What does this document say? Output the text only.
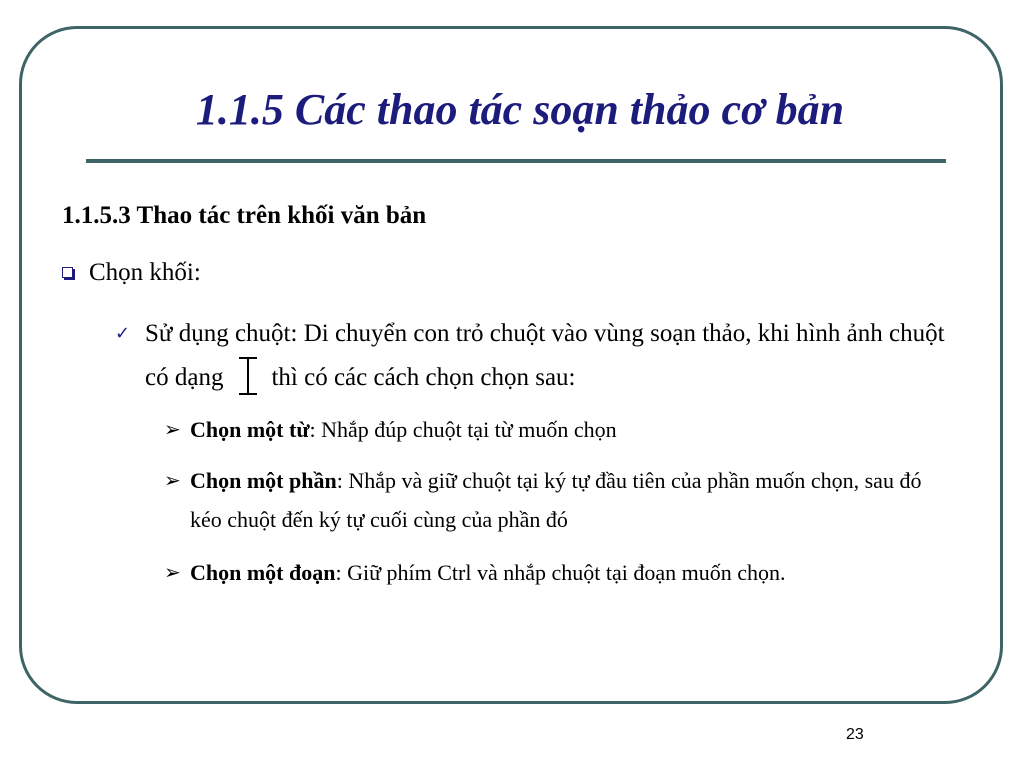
1.1.5 Các thao tác soạn thảo cơ bản
1.1.5.3 Thao tác trên khối văn bản
Chọn khối:
✓ Sử dụng chuột: Di chuyển con trỏ chuột vào vùng soạn thảo, khi hình ảnh chuột có dạng thì có các cách chọn chọn sau:
➢ Chọn một từ: Nhắp đúp chuột tại từ muốn chọn
➢ Chọn một phần: Nhắp và giữ chuột tại ký tự đầu tiên của phần muốn chọn, sau đó kéo chuột đến ký tự cuối cùng của phần đó
➢ Chọn một đoạn: Giữ phím Ctrl và nhắp chuột tại đoạn muốn chọn.
23
